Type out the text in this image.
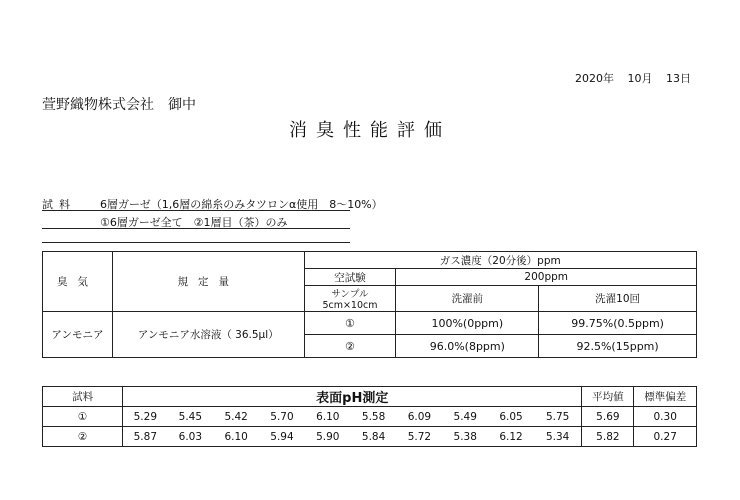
2020年 10月 13日
萱野織物株式会社　御中
消臭性能評価
試料 6層ガーゼ（1,6層の綿糸のみタツロンα使用　8～10%）
①6層ガーゼ全て　②1層目（茶）のみ
臭気	規定量	ガス濃度（20分後）ppm		
		空試験	200ppm	
		サンプル5cm×10cm	洗濯前	洗濯10回
アンモニア	アンモニア水溶液（ 36.5μl）	①	100%(0ppm)	99.75%(0.5ppm)
		②	96.0%(8ppm)	92.5%(15ppm)
試料	表面pH測定										平均値	標準偏差
①	5.29	5.45	5.42	5.70	6.10	5.58	6.09	5.49	6.05	5.75	5.69	0.30
②	5.87	6.03	6.10	5.94	5.90	5.84	5.72	5.38	6.12	5.34	5.82	0.27
